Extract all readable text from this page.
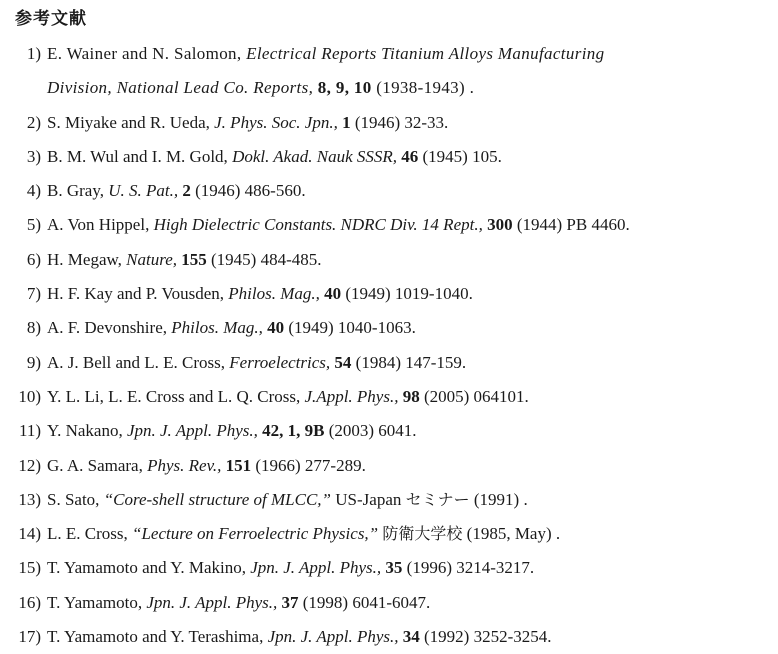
参考文献
1) E. Wainer and N. Salomon, Electrical Reports Titanium Alloys Manufacturing
Division, National Lead Co. Reports, 8, 9, 10 (1938-1943) .
2) S. Miyake and R. Ueda, J. Phys. Soc. Jpn., 1 (1946) 32-33.
3) B. M. Wul and I. M. Gold, Dokl. Akad. Nauk SSSR, 46 (1945) 105.
4) B. Gray, U. S. Pat., 2 (1946) 486-560.
5) A. Von Hippel, High Dielectric Constants. NDRC Div. 14 Rept., 300 (1944) PB 4460.
6) H. Megaw, Nature, 155 (1945) 484-485.
7) H. F. Kay and P. Vousden, Philos. Mag., 40 (1949) 1019-1040.
8) A. F. Devonshire, Philos. Mag., 40 (1949) 1040-1063.
9) A. J. Bell and L. E. Cross, Ferroelectrics, 54 (1984) 147-159.
10) Y. L. Li, L. E. Cross and L. Q. Cross, J.Appl. Phys., 98 (2005) 064101.
11) Y. Nakano, Jpn. J. Appl. Phys., 42, 1, 9B (2003) 6041.
12) G. A. Samara, Phys. Rev., 151 (1966) 277-289.
13) S. Sato, “Core-shell structure of MLCC,” US-Japan セミナー (1991) .
14) L. E. Cross, “Lecture on Ferroelectric Physics,” 防衛大学校 (1985, May) .
15) T. Yamamoto and Y. Makino, Jpn. J. Appl. Phys., 35 (1996) 3214-3217.
16) T. Yamamoto, Jpn. J. Appl. Phys., 37 (1998) 6041-6047.
17) T. Yamamoto and Y. Terashima, Jpn. J. Appl. Phys., 34 (1992) 3252-3254.
